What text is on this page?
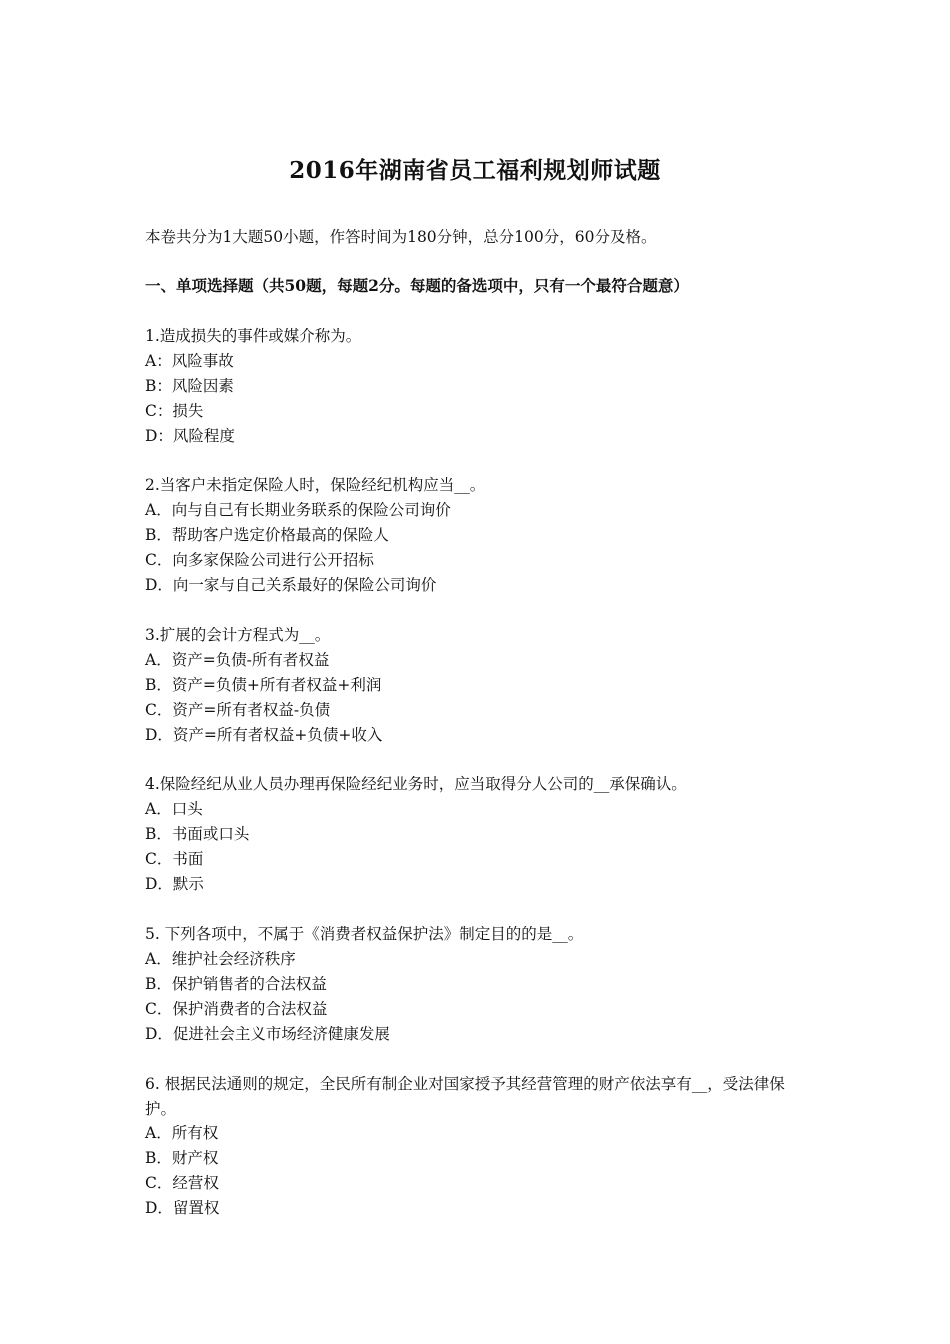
2016年湖南省员工福利规划师试题
本卷共分为1大题50小题，作答时间为180分钟，总分100分，60分及格。
一、单项选择题（共50题，每题2分。每题的备选项中，只有一个最符合题意）
1.造成损失的事件或媒介称为。
A：风险事故
B：风险因素
C：损失
D：风险程度
2.当客户未指定保险人时，保险经纪机构应当__。
A．向与自己有长期业务联系的保险公司询价
B．帮助客户选定价格最高的保险人
C．向多家保险公司进行公开招标
D．向一家与自己关系最好的保险公司询价
3.扩展的会计方程式为__。
A．资产=负债-所有者权益
B．资产=负债+所有者权益+利润
C．资产=所有者权益-负债
D．资产=所有者权益+负债+收入
4.保险经纪从业人员办理再保险经纪业务时，应当取得分人公司的__承保确认。
A．口头
B．书面或口头
C．书面
D．默示
5. 下列各项中，不属于《消费者权益保护法》制定目的的是__。
A．维护社会经济秩序
B．保护销售者的合法权益
C．保护消费者的合法权益
D．促进社会主义市场经济健康发展
6. 根据民法通则的规定，全民所有制企业对国家授予其经营管理的财产依法享有__，受法律保护。
A．所有权
B．财产权
C．经营权
D．留置权
